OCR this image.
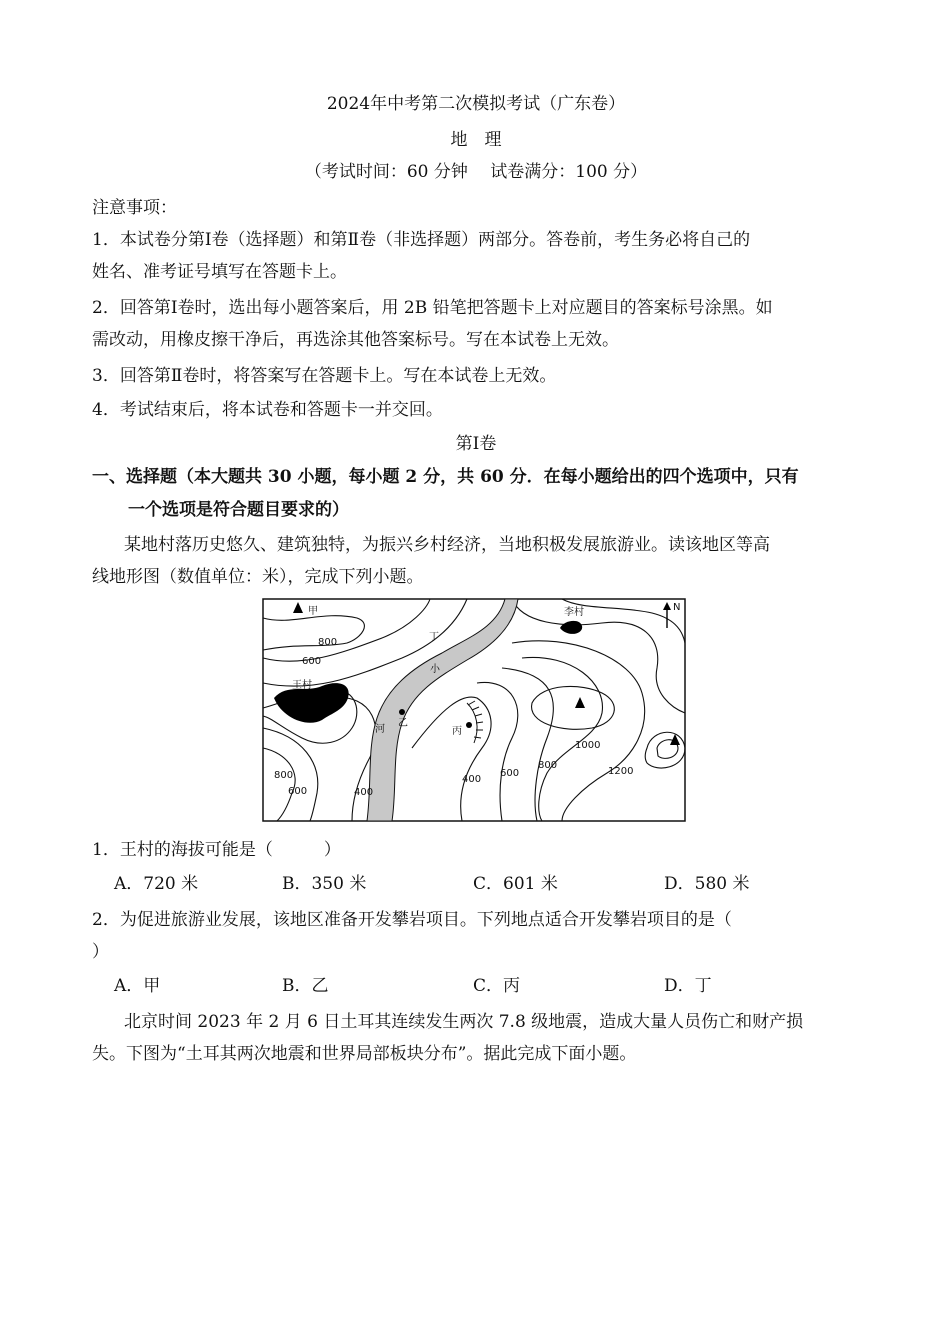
2024年中考第二次模拟考试（广东卷）
地　理
（考试时间：60 分钟　 试卷满分：100 分）
注意事项：
1．本试卷分第Ⅰ卷（选择题）和第Ⅱ卷（非选择题）两部分。答卷前，考生务必将自己的
姓名、准考证号填写在答题卡上。
2．回答第Ⅰ卷时，选出每小题答案后，用 2B 铅笔把答题卡上对应题目的答案标号涂黑。如
需改动，用橡皮擦干净后，再选涂其他答案标号。写在本试卷上无效。
3．回答第Ⅱ卷时，将答案写在答题卡上。写在本试卷上无效。
4．考试结束后，将本试卷和答题卡一并交回。
第Ⅰ卷
一、选择题（本大题共 30 小题，每小题 2 分，共 60 分．在每小题给出的四个选项中，只有
一个选项是符合题目要求的）
某地村落历史悠久、建筑独特，为振兴乡村经济，当地积极发展旅游业。读该地区等高
线地形图（数值单位：米），完成下列小题。
甲
丁
王村
李村	N
小
河
乙
丙
800
600
800
600	400
400
600
800
1000
1200
1．王村的海拔可能是（　　　）
A．720 米	B．350 米	C．601 米	D．580 米
2．为促进旅游业发展，该地区准备开发攀岩项目。下列地点适合开发攀岩项目的是（
）
A．甲	B．乙	C．丙	D．丁
北京时间 2023 年 2 月 6 日土耳其连续发生两次 7.8 级地震，造成大量人员伤亡和财产损
失。下图为“土耳其两次地震和世界局部板块分布”。据此完成下面小题。
